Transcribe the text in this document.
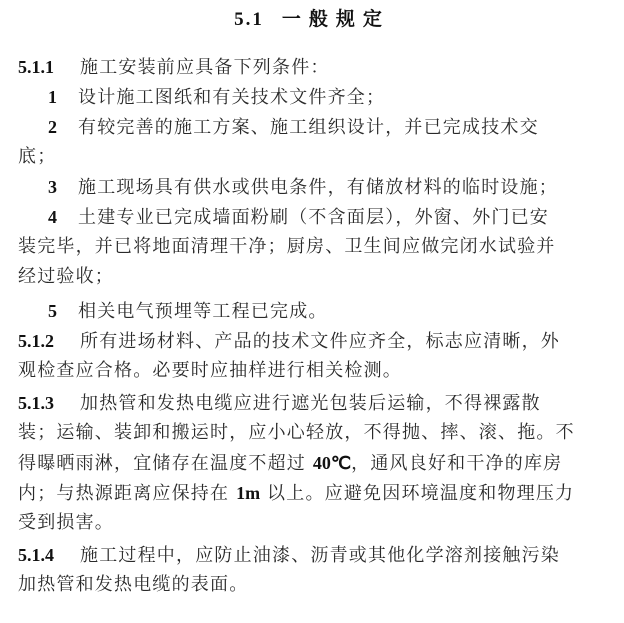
5.1 一般规定
5.1.1 施工安装前应具备下列条件：
1 设计施工图纸和有关技术文件齐全；
2 有较完善的施工方案、施工组织设计，并已完成技术交
底；
3 施工现场具有供水或供电条件，有储放材料的临时设施；
4 土建专业已完成墙面粉刷（不含面层），外窗、外门已安
装完毕，并已将地面清理干净；厨房、卫生间应做完闭水试验并
经过验收；
5 相关电气预埋等工程已完成。
5.1.2 所有进场材料、产品的技术文件应齐全，标志应清晰，外
观检查应合格。必要时应抽样进行相关检测。
5.1.3 加热管和发热电缆应进行遮光包装后运输，不得裸露散
装；运输、装卸和搬运时，应小心轻放，不得抛、摔、滚、拖。不
得曝晒雨淋，宜储存在温度不超过 40℃，通风良好和干净的库房
内；与热源距离应保持在 1m 以上。应避免因环境温度和物理压力
受到损害。
5.1.4 施工过程中，应防止油漆、沥青或其他化学溶剂接触污染
加热管和发热电缆的表面。
